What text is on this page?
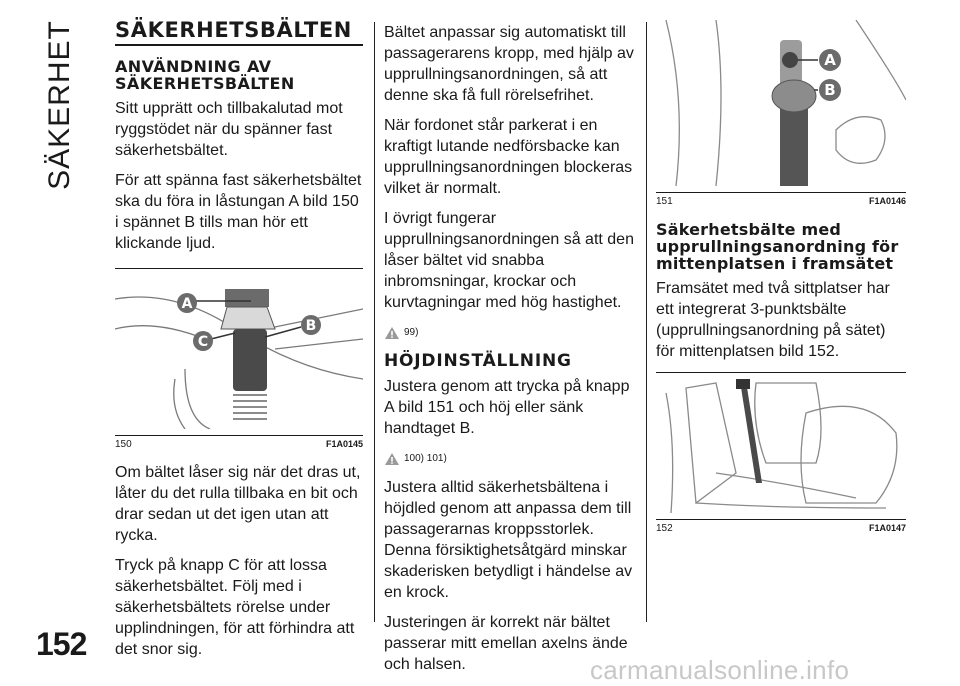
SÄKERHET SÄKERHETSBÄLTEN
ANVÄNDNING AV SÄKERHETSBÄLTEN

Sitt upprätt och tillbakalutad mot ryggstödet när du spänner fast säkerhetsbältet.

För att spänna fast säkerhetsbältet ska du föra in låstungan A bild 150 i spännet B tills man hör ett klickande ljud.

A
B
C
150	F1A0145

Om bältet låser sig när det dras ut, låter du det rulla tillbaka en bit och drar sedan ut det igen utan att rycka.

Tryck på knapp C för att lossa säkerhetsbältet. Följ med i säkerhetsbältets rörelse under upplindningen, för att förhindra att det snor sig.

Bältet anpassar sig automatiskt till passagerarens kropp, med hjälp av upprullningsanordningen, så att denne ska få full rörelsefrihet.

När fordonet står parkerat i en kraftigt lutande nedförsbacke kan upprullningsanordningen blockeras vilket är normalt.

I övrigt fungerar upprullningsanordningen så att den låser bältet vid snabba inbromsningar, krockar och kurvtagningar med hög hastighet.

99)
HÖJDINSTÄLLNING

Justera genom att trycka på knapp A bild 151 och höj eller sänk handtaget B.

100) 101)

Justera alltid säkerhetsbältena i höjdled genom att anpassa dem till passagerarnas kroppsstorlek. Denna försiktighetsåtgärd minskar skaderisken betydligt i händelse av en krock.

Justeringen är korrekt när bältet passerar mitt emellan axelns ände och halsen.

A
B
151	F1A0146
Säkerhetsbälte med upprullningsanordning för mittenplatsen i framsätet

Framsätet med två sittplatser har ett integrerat 3-punktsbälte (upprullningsanordning på sätet) för mittenplatsen bild 152.

152	F1A0147
152
carmanualsonline.info
